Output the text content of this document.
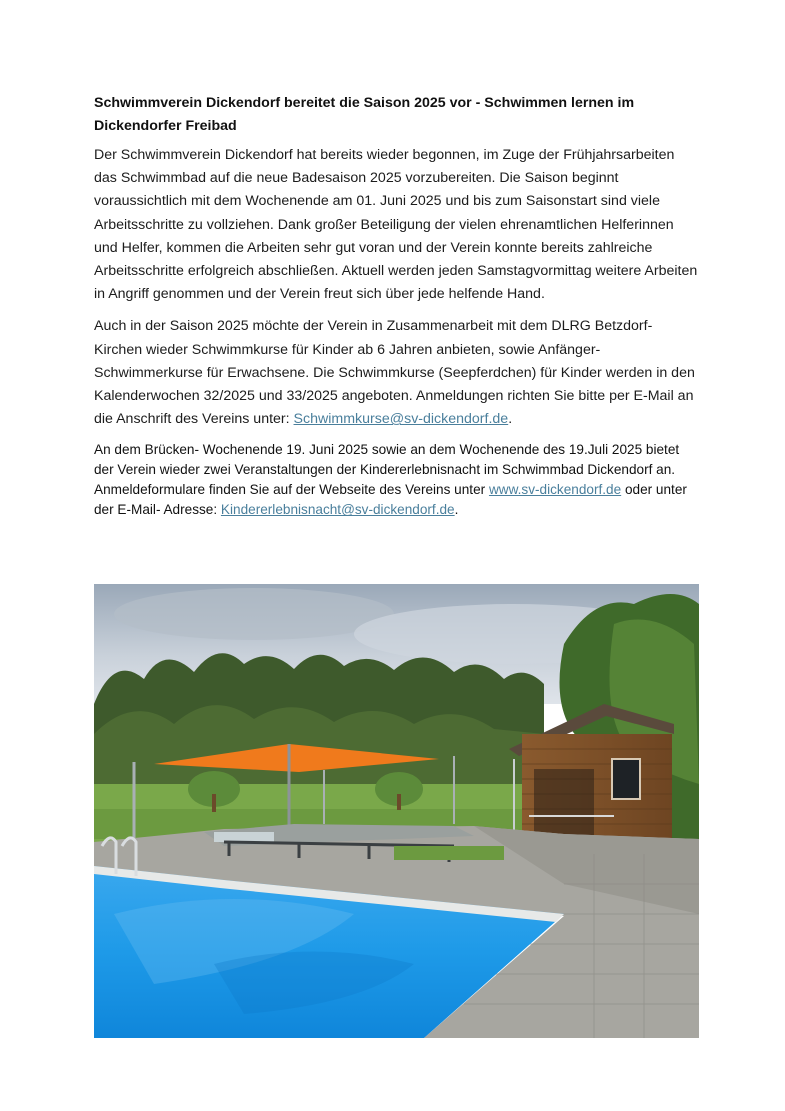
Schwimmverein Dickendorf bereitet die Saison 2025 vor - Schwimmen lernen im Dickendorfer Freibad

Der Schwimmverein Dickendorf hat bereits wieder begonnen, im Zuge der Frühjahrsarbeiten das Schwimmbad auf die neue Badesaison 2025 vorzubereiten. Die Saison beginnt voraussichtlich mit dem Wochenende am 01. Juni 2025 und bis zum Saisonstart sind viele Arbeitsschritte zu vollziehen. Dank großer Beteiligung der vielen ehrenamtlichen Helferinnen und Helfer, kommen die Arbeiten sehr gut voran und der Verein konnte bereits zahlreiche Arbeitsschritte erfolgreich abschließen. Aktuell werden jeden Samstagvormittag weitere Arbeiten in Angriff genommen und der Verein freut sich über jede helfende Hand.

Auch in der Saison 2025 möchte der Verein in Zusammenarbeit mit dem DLRG Betzdorf-Kirchen wieder Schwimmkurse für Kinder ab 6 Jahren anbieten, sowie Anfänger-Schwimmerkurse für Erwachsene. Die Schwimmkurse (Seepferdchen) für Kinder werden in den Kalenderwochen 32/2025 und 33/2025 angeboten. Anmeldungen richten Sie bitte per E-Mail an die Anschrift des Vereins unter: Schwimmkurse@sv-dickendorf.de.

An dem Brücken- Wochenende 19. Juni 2025 sowie an dem Wochenende des 19.Juli 2025 bietet der Verein wieder zwei Veranstaltungen der Kindererlebnisnacht im Schwimmbad Dickendorf an. Anmeldeformulare finden Sie auf der Webseite des Vereins unter www.sv-dickendorf.de oder unter der E-Mail- Adresse: Kindererlebnisnacht@sv-dickendorf.de.
